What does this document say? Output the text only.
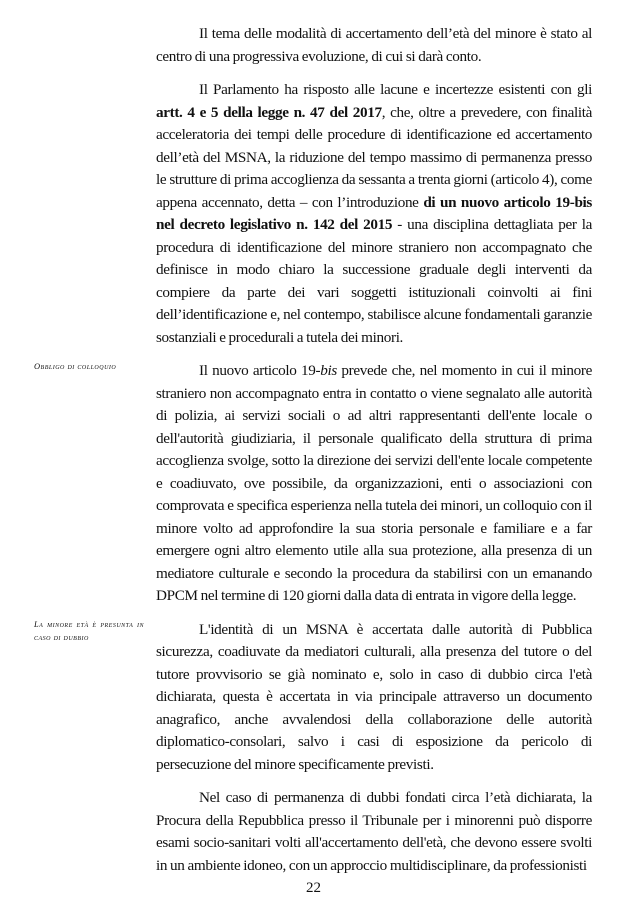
Obbligo di colloquio
La minore età è presunta in caso di dubbio

Il tema delle modalità di accertamento dell’età del minore è stato al centro di una progressiva evoluzione, di cui si darà conto.

Il Parlamento ha risposto alle lacune e incertezze esistenti con gli artt. 4 e 5 della legge n. 47 del 2017, che, oltre a prevedere, con finalità acceleratoria dei tempi delle procedure di identificazione ed accertamento dell’età del MSNA, la riduzione del tempo massimo di permanenza presso le strutture di prima accoglienza da sessanta a trenta giorni (articolo 4), come appena accennato, detta – con l’introduzione di un nuovo articolo 19-bis nel decreto legislativo n. 142 del 2015 - una disciplina dettagliata per la procedura di identificazione del minore straniero non accompagnato che definisce in modo chiaro la successione graduale degli interventi da compiere da parte dei vari soggetti istituzionali coinvolti ai fini dell’identificazione e, nel contempo, stabilisce alcune fondamentali garanzie sostanziali e procedurali a tutela dei minori.

Il nuovo articolo 19-bis prevede che, nel momento in cui il minore straniero non accompagnato entra in contatto o viene segnalato alle autorità di polizia, ai servizi sociali o ad altri rappresentanti dell'ente locale o dell'autorità giudiziaria, il personale qualificato della struttura di prima accoglienza svolge, sotto la direzione dei servizi dell'ente locale competente e coadiuvato, ove possibile, da organizzazioni, enti o associazioni con comprovata e specifica esperienza nella tutela dei minori, un colloquio con il minore volto ad approfondire la sua storia personale e familiare e a far emergere ogni altro elemento utile alla sua protezione, alla presenza di un mediatore culturale e secondo la procedura da stabilirsi con un emanando DPCM nel termine di 120 giorni dalla data di entrata in vigore della legge.

L'identità di un MSNA è accertata dalle autorità di Pubblica sicurezza, coadiuvate da mediatori culturali, alla presenza del tutore o del tutore provvisorio se già nominato e, solo in caso di dubbio circa l'età dichiarata, questa è accertata in via principale attraverso un documento anagrafico, anche avvalendosi della collaborazione delle autorità diplomatico-consolari, salvo i casi di esposizione da pericolo di persecuzione del minore specificamente previsti.

Nel caso di permanenza di dubbi fondati circa l’età dichiarata, la Procura della Repubblica presso il Tribunale per i minorenni può disporre esami socio-sanitari volti all'accertamento dell'età, che devono essere svolti in un ambiente idoneo, con un approccio multidisciplinare, da professionisti

22
